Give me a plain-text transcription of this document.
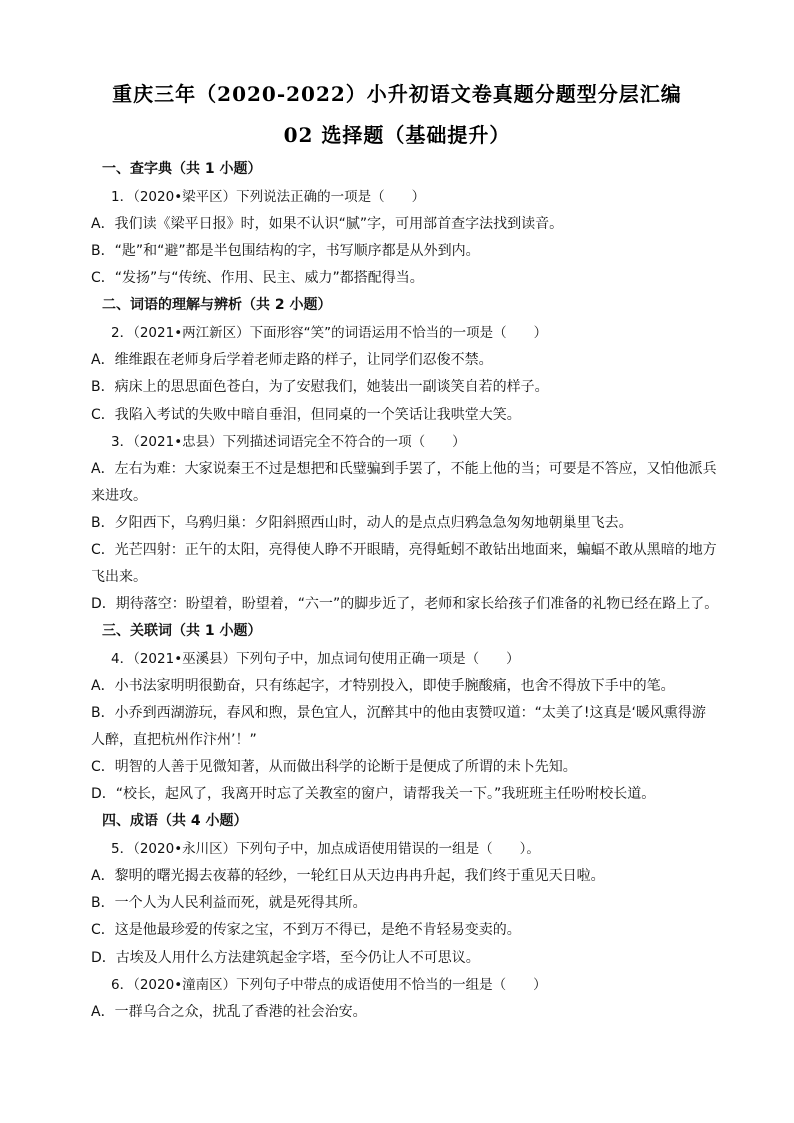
重庆三年（2020-2022）小升初语文卷真题分题型分层汇编
02 选择题（基础提升）
一、查字典（共 1 小题）
1．（2020•梁平区）下列说法正确的一项是（　　）
A．我们读《梁平日报》时，如果不认识“腻”字，可用部首查字法找到读音。
B．“匙”和“避”都是半包围结构的字，书写顺序都是从外到内。
C．“发扬”与“传统、作用、民主、威力”都搭配得当。
二、词语的理解与辨析（共 2 小题）
2．（2021•两江新区）下面形容“笑”的词语运用不恰当的一项是（　　）
A．维维跟在老师身后学着老师走路的样子，让同学们忍俊不禁。
B．病床上的思思面色苍白，为了安慰我们，她装出一副谈笑自若的样子。
C．我陷入考试的失败中暗自垂泪，但同桌的一个笑话让我哄堂大笑。
3．（2021•忠县）下列描述词语完全不符合的一项（　　）
A．左右为难：大家说秦王不过是想把和氏璧骗到手罢了，不能上他的当；可要是不答应，又怕他派兵
来进攻。
B．夕阳西下，乌鸦归巢：夕阳斜照西山时，动人的是点点归鸦急急匆匆地朝巢里飞去。
C．光芒四射：正午的太阳，亮得使人睁不开眼睛，亮得蚯蚓不敢钻出地面来，蝙蝠不敢从黑暗的地方
飞出来。
D．期待落空：盼望着，盼望着，“六一”的脚步近了，老师和家长给孩子们准备的礼物已经在路上了。
三、关联词（共 1 小题）
4．（2021•巫溪县）下列句子中，加点词句使用正确一项是（　　）
A．小书法家明明很勤奋，只有练起字，才特别投入，即使手腕酸痛，也舍不得放下手中的笔。
B．小乔到西湖游玩，春风和煦，景色宜人，沉醉其中的他由衷赞叹道：“太美了!这真是‘暖风熏得游
人醉，直把杭州作汴州’！”
C．明智的人善于见微知著，从而做出科学的论断于是便成了所谓的未卜先知。
D．“校长，起风了，我离开时忘了关教室的窗户，请帮我关一下。”我班班主任吩咐校长道。
四、成语（共 4 小题）
5．（2020•永川区）下列句子中，加点成语使用错误的一组是（　　）。
A．黎明的曙光揭去夜幕的轻纱，一轮红日从天边冉冉升起，我们终于重见天日啦。
B．一个人为人民利益而死，就是死得其所。
C．这是他最珍爱的传家之宝，不到万不得已，是绝不肯轻易变卖的。
D．古埃及人用什么方法建筑起金字塔，至今仍让人不可思议。
6．（2020•潼南区）下列句子中带点的成语使用不恰当的一组是（　　）
A．一群乌合之众，扰乱了香港的社会治安。
